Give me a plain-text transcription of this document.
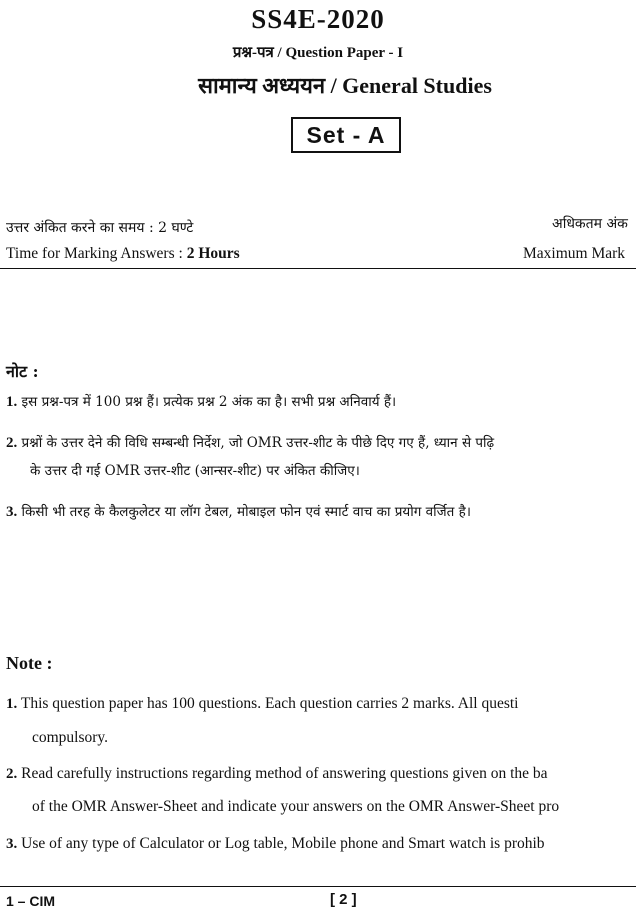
SS4E-2020
प्रश्न-पत्र / Question Paper - I
सामान्य अध्ययन / General Studies
Set - A
उत्तर अंकित करने का समय : 2 घण्टे	अधिकतम अंक
Time for Marking Answers : 2 Hours	Maximum Mark
नोट :
1. इस प्रश्न-पत्र में 100 प्रश्न हैं। प्रत्येक प्रश्न 2 अंक का है। सभी प्रश्न अनिवार्य हैं।
2. प्रश्नों के उत्तर देने की विधि सम्बन्धी निर्देश, जो OMR उत्तर-शीट के पीछे दिए गए हैं, ध्यान से पढ़ि
के उत्तर दी गई OMR उत्तर-शीट (आन्सर-शीट) पर अंकित कीजिए।
3. किसी भी तरह के कैलकुलेटर या लॉग टेबल, मोबाइल फोन एवं स्मार्ट वाच का प्रयोग वर्जित है।
Note :
1. This question paper has 100 questions. Each question carries 2 marks. All questi
compulsory.
2. Read carefully instructions regarding method of answering questions given on the ba
of the OMR Answer-Sheet and indicate your answers on the OMR Answer-Sheet pro
3. Use of any type of Calculator or Log table, Mobile phone and Smart watch is prohib
1 – CIM	[ 2 ]
